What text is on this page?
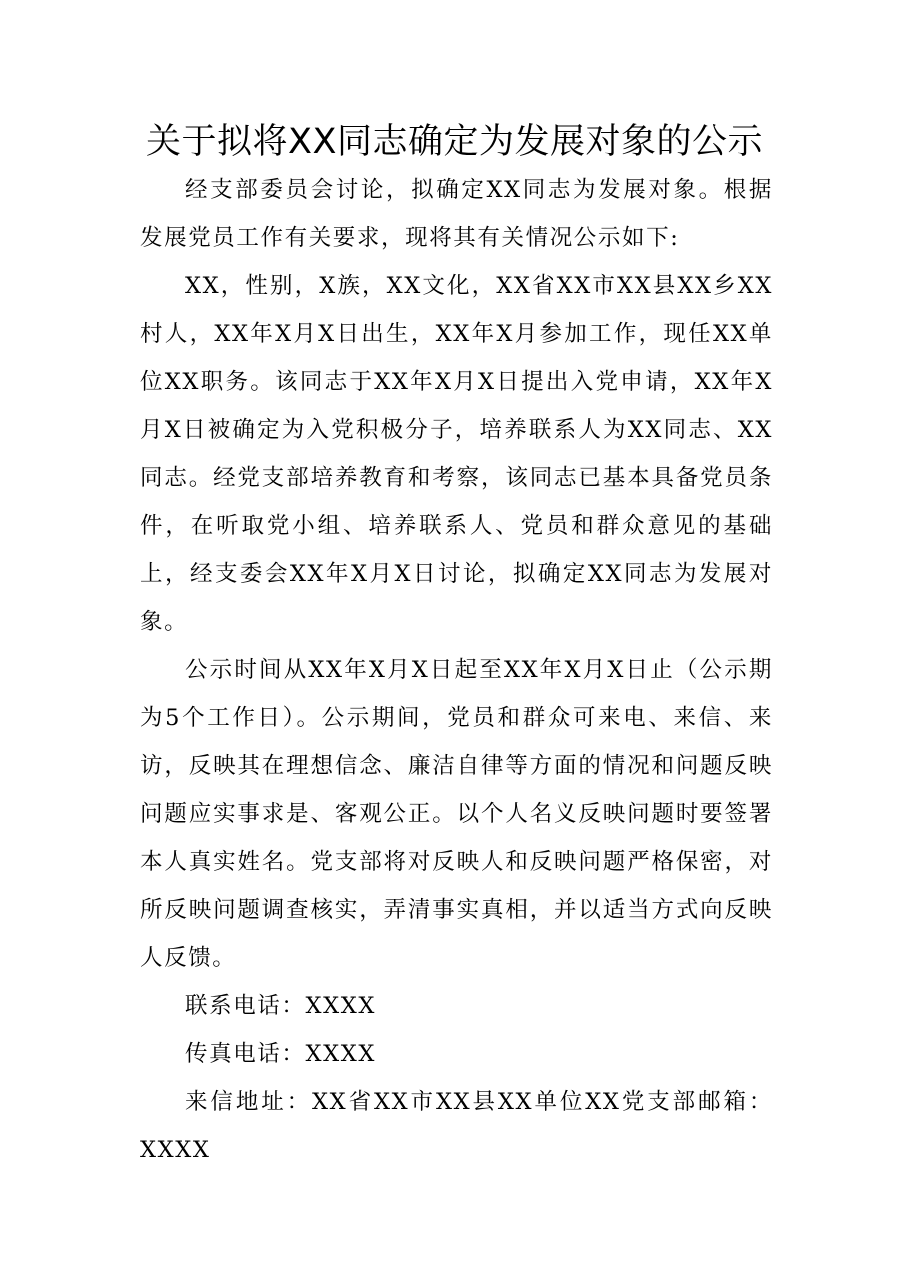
关于拟将XX同志确定为发展对象的公示

经支部委员会讨论，拟确定XX同志为发展对象。根据发展党员工作有关要求，现将其有关情况公示如下:

XX，性别，X族，XX文化，XX省XX市XX县XX乡XX村人，XX年X月X日出生，XX年X月参加工作，现任XX单位XX职务。该同志于XX年X月X日提出入党申请，XX年X月X日被确定为入党积极分子，培养联系人为XX同志、XX同志。经党支部培养教育和考察，该同志已基本具备党员条件，在听取党小组、培养联系人、党员和群众意见的基础上，经支委会XX年X月X日讨论，拟确定XX同志为发展对象。

公示时间从XX年X月X日起至XX年X月X日止（公示期为5个工作日）。公示期间，党员和群众可来电、来信、来访，反映其在理想信念、廉洁自律等方面的情况和问题反映问题应实事求是、客观公正。以个人名义反映问题时要签署本人真实姓名。党支部将对反映人和反映问题严格保密，对所反映问题调查核实，弄清事实真相，并以适当方式向反映人反馈。

联系电话：XXXX

传真电话：XXXX

来信地址：XX省XX市XX县XX单位XX党支部邮箱：XXXX
